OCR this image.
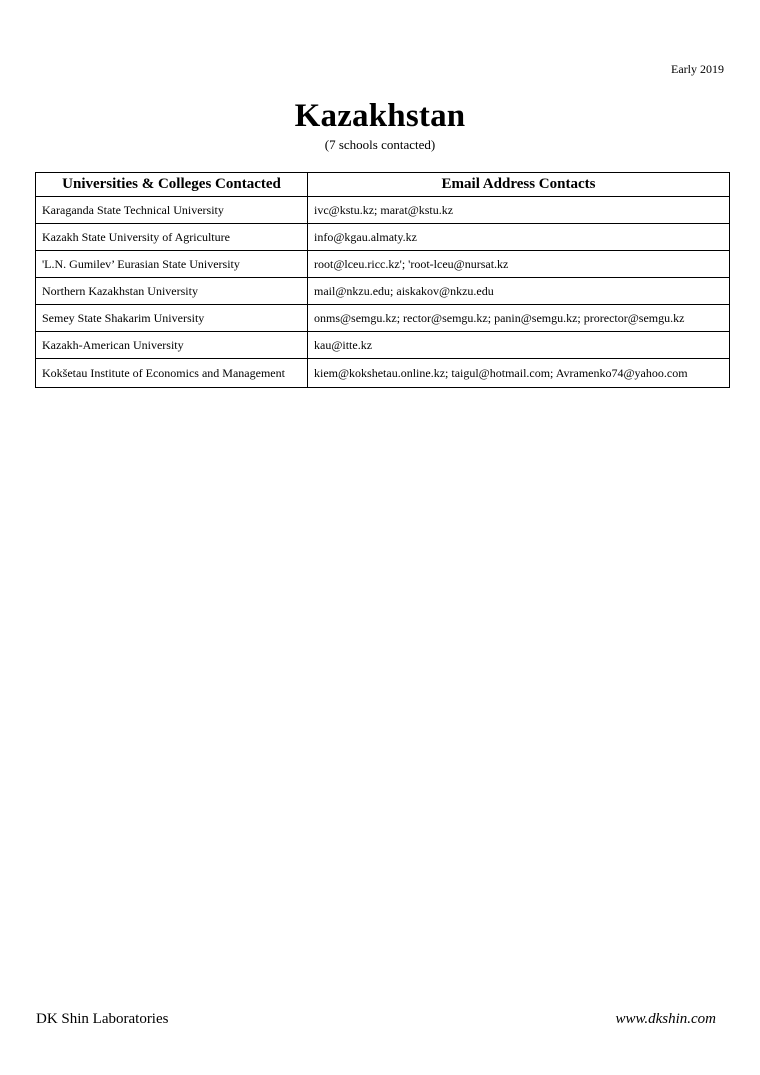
Early 2019
Kazakhstan
(7 schools contacted)
Universities & Colleges Contacted	Email Address Contacts
Karaganda State Technical University	ivc@kstu.kz; marat@kstu.kz
Kazakh State University of Agriculture	info@kgau.almaty.kz
'L.N. Gumilev’ Eurasian State University	root@lceu.ricc.kz'; 'root-lceu@nursat.kz
Northern Kazakhstan University	mail@nkzu.edu; aiskakov@nkzu.edu
Semey State Shakarim University	onms@semgu.kz; rector@semgu.kz; panin@semgu.kz; prorector@semgu.kz
Kazakh-American University	kau@itte.kz
Kokšetau Institute of Economics and Management	kiem@kokshetau.online.kz; taigul@hotmail.com; Avramenko74@yahoo.com
DK Shin Laboratories	www.dkshin.com
